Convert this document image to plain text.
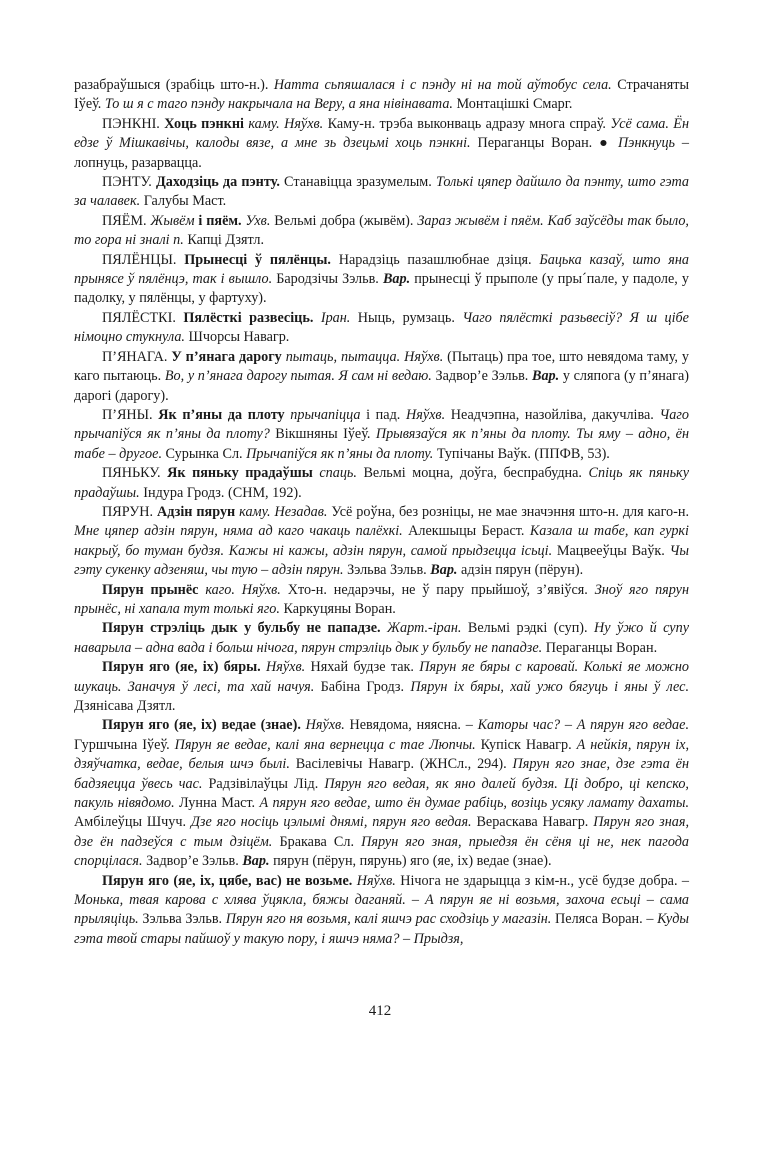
разабраўшыся (зрабіць што-н.). Натта сьпяшалася і с пэнду ні на той аўтобус села. Страчаняты Іўеў. То ш я с таго пэнду накрычала на Веру, а яна нівінавата. Монтацішкі Смарг.

ПЭНКНІ. Хоць пэнкні каму. Няўхв. Каму-н. трэба выконваць адразу многа спраў. Усё сама. Ён едзе ў Мішкавічы, калоды вязе, а мне зь дзецьмі хоць пэнкні. Пераганцы Воран. ● Пэнкнуць – лопнуць, разарвацца.

ПЭНТУ. Даходзіць да пэнту. Станавіцца зразумелым. Толькі цяпер дайшло да пэнту, што гэта за чалавек. Галубы Маст.

ПЯЁМ. Жывём і пяём. Ухв. Вельмі добра (жывём). Зараз жывём і пяём. Каб заўсёды так было, то гора ні зналі п. Капці Дзятл.

ПЯЛЁНЦЫ. Прынесці ў пялёнцы. Нарадзіць пазашлюбнае дзіця. Бацька казаў, што яна прынясе ў пялёнцэ, так і вышло. Бародзічы Зэльв. Вар. прынесці ў прыполе (у пры´пале, у падоле, у падолку, у пялёнцы, у фартуху).

ПЯЛЁСТКІ. Пялёсткі развесіць. Іран. Ныць, румзаць. Чаго пялёсткі разьвесіў? Я ш цібе німоцно стукнула. Шчорсы Навагр.

П’ЯНАГА. У п’янага дарогу пытаць, пытацца. Няўхв. (Пытаць) пра тое, што невядома таму, у каго пытаюць. Во, у п’янага дарогу пытая. Я сам ні ведаю. Задвор’е Зэльв. Вар. у сляпога (у п’янага) дарогі (дарогу).

П’ЯНЫ. Як п’яны да плоту прычапіцца і пад. Няўхв. Неадчэпна, назойліва, дакучліва. Чаго прычапіўся як п’яны да плоту? Вікшняны Іўеў. Прывязаўся як п’яны да плоту. Ты яму – адно, ён табе – другое. Сурынка Сл. Прычапіўся як п’яны да плоту. Тупічаны Ваўк. (ППФВ, 53).

ПЯНЬКУ. Як пяньку прадаўшы спаць. Вельмі моцна, доўга, беспрабудна. Спіць як пяньку прадаўшы. Індура Гродз. (СНМ, 192).

ПЯРУН. Адзін пярун каму. Незадав. Усё роўна, без розніцы, не мае значэння што-н. для каго-н. Мне цяпер адзін пярун, няма ад каго чакаць палёхкі. Алекшыцы Бераст. Казала ш табе, кап гуркі накрыў, бо туман будзя. Кажы ні кажы, адзін пярун, самой прыдзецца ісьці. Мацвееўцы Ваўк. Чы гэту сукенку адзеняш, чы тую – адзін пярун. Зэльва Зэльв. Вар. адзін пярун (пёрун).

Пярун прынёс каго. Няўхв. Хто-н. недарэчы, не ў пару прыйшоў, з’явіўся. Зноў яго пярун прынёс, ні хапала тут толькі яго. Каркуцяны Воран.

Пярун стрэліць дык у бульбу не пападзе. Жарт.-іран. Вельмі рэдкі (суп). Ну ўжо й супу наварыла – адна вада і больш нічога, пярун стрэліць дык у бульбу не пападзе. Пераганцы Воран.

Пярун яго (яе, іх) бяры. Няўхв. Няхай будзе так. Пярун яе бяры с каровай. Колькі яе можно шукаць. Заначуя ў лесі, та хай начуя. Бабіна Гродз. Пярун іх бяры, хай ужо бягуць і яны ў лес. Дзянісава Дзятл.

Пярун яго (яе, іх) ведае (знае). Няўхв. Невядома, няясна. – Каторы час? – А пярун яго ведае. Гуршчына Іўеў. Пярун яе ведае, калі яна вернецца с тае Люпчы. Купіск Навагр. А нейкія, пярун іх, дзяўчатка, ведае, белыя шчэ былі. Васілевічы Навагр. (ЖНСл., 294). Пярун яго знае, дзе гэта ён бадзяецца ўвесь час. Радзівілаўцы Лід. Пярун яго ведая, як яно далей будзя. Ці добро, ці кепско, пакуль нівядомо. Лунна Маст. А пярун яго ведае, што ён думае рабіць, возіць усяку ламату дахаты. Амбілеўцы Шчуч. Дзе яго носіць цэлымі днямі, пярун яго ведая. Вераскава Навагр. Пярун яго зная, дзе ён падзеўся с тым дзіцём. Бракава Сл. Пярун яго зная, прыедзя ён сёня ці не, нек пагода спорцілася. Задвор’е Зэльв. Вар. пярун (пёрун, пярунь) яго (яе, іх) ведае (знае).

Пярун яго (яе, іх, цябе, вас) не возьме. Няўхв. Нічога не здарыцца з кім-н., усё будзе добра. – Монька, твая карова с хлява ўцякла, бяжы даганяй. – А пярун яе ні возьмя, захоча есьці – сама прыляціць. Зэльва Зэльв. Пярун яго ня возьмя, калі яшчэ рас сходзіць у магазін. Пеляса Воран. – Куды гэта твой стары пайшоў у такую пору, і яшчэ няма? – Прыдзя,

412
